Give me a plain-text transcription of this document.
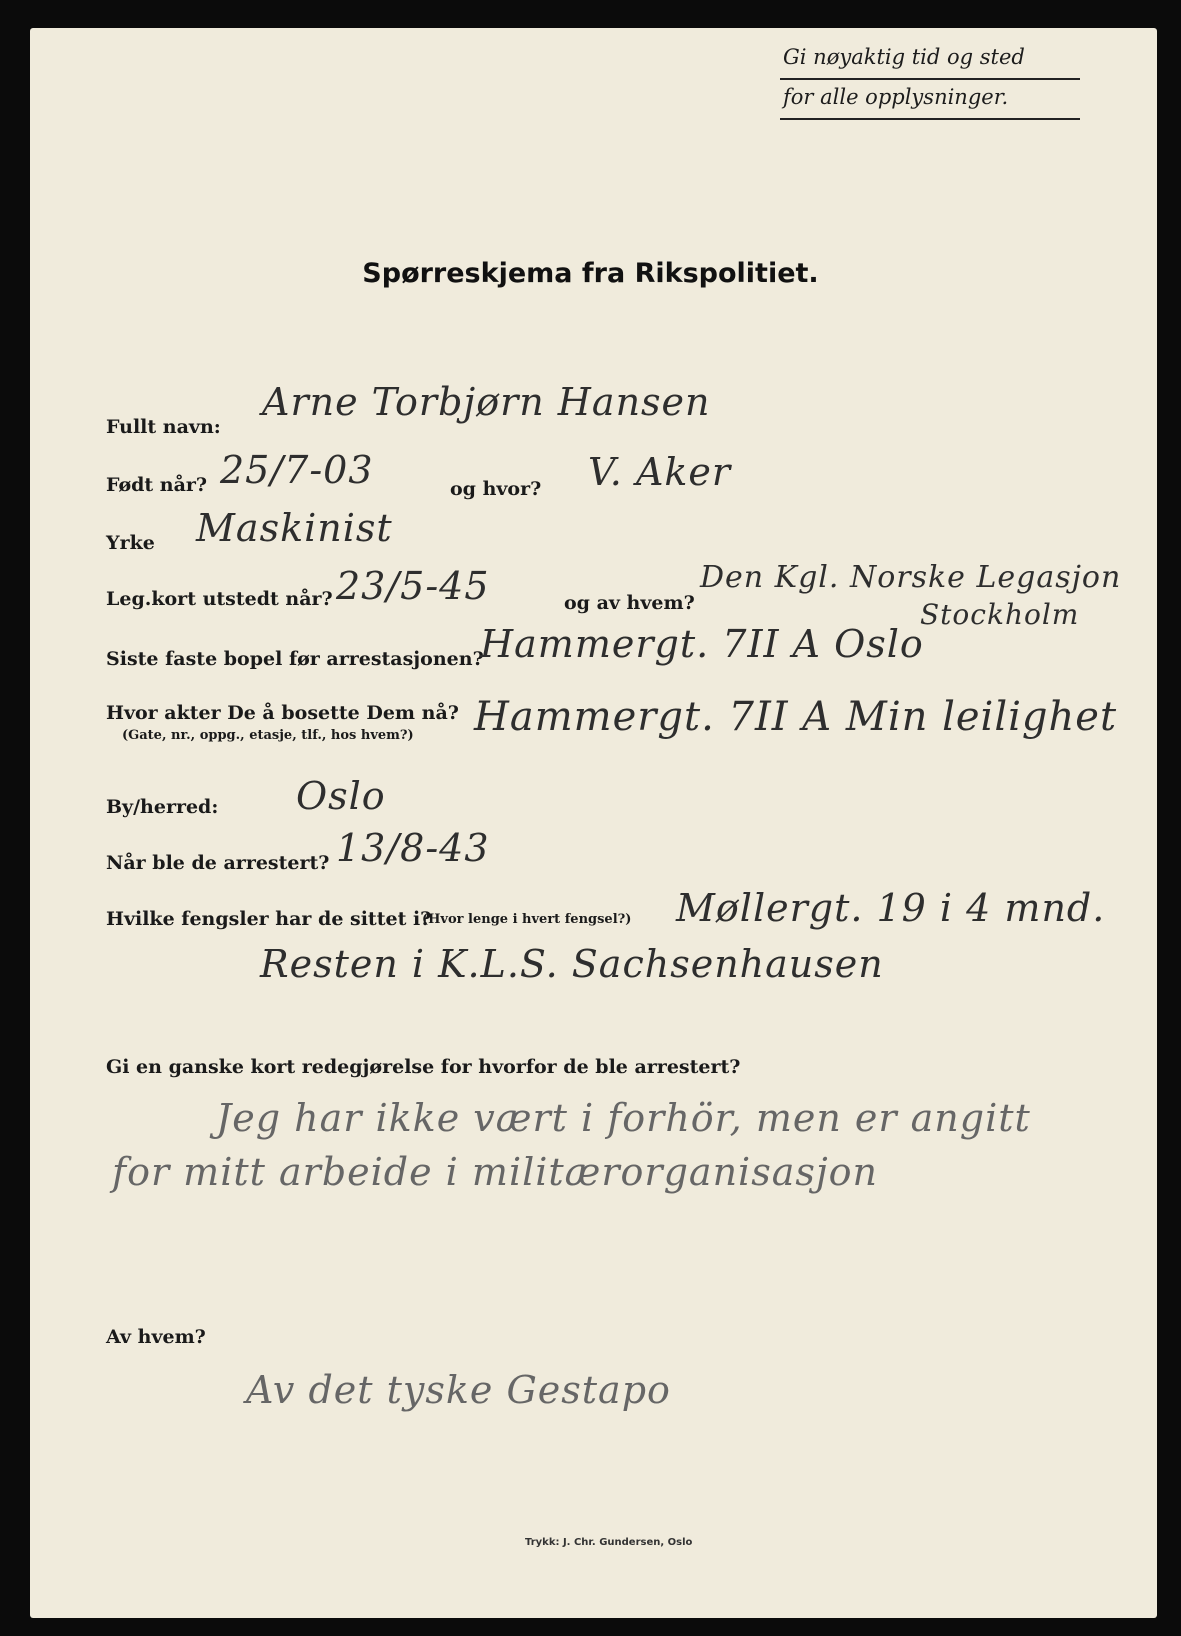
Gi nøyaktig tid og sted
for alle opplysninger.
Spørreskjema fra Rikspolitiet.
Fullt navn:
Arne Torbjørn Hansen
Født når? 25/7-03	og hvor? V. Aker
Yrke Maskinist
Leg.kort utstedt når? 23/5-45	og av hvem?
Den Kgl. Norske Legasjon
Stockholm
Siste faste bopel før arrestasjonen?
Hammergt. 7II A Oslo
Hvor akter De å bosette Dem nå?
(Gate, nr., oppg., etasje, tlf., hos hvem?) Hammergt. 7II A Min leilighet
By/herred: Oslo
Når ble de arrestert? 13/8-43
Hvilke fengsler har de sittet i?
(Hvor lenge i hvert fengsel?) Møllergt. 19 i 4 mnd.
Resten i K.L.S. Sachsenhausen
Gi en ganske kort redegjørelse for hvorfor de ble arrestert?
Jeg har ikke vært i forhör, men er angitt
for mitt arbeide i militærorganisasjon
Av hvem?
Av det tyske Gestapo
Trykk: J. Chr. Gundersen, Oslo
